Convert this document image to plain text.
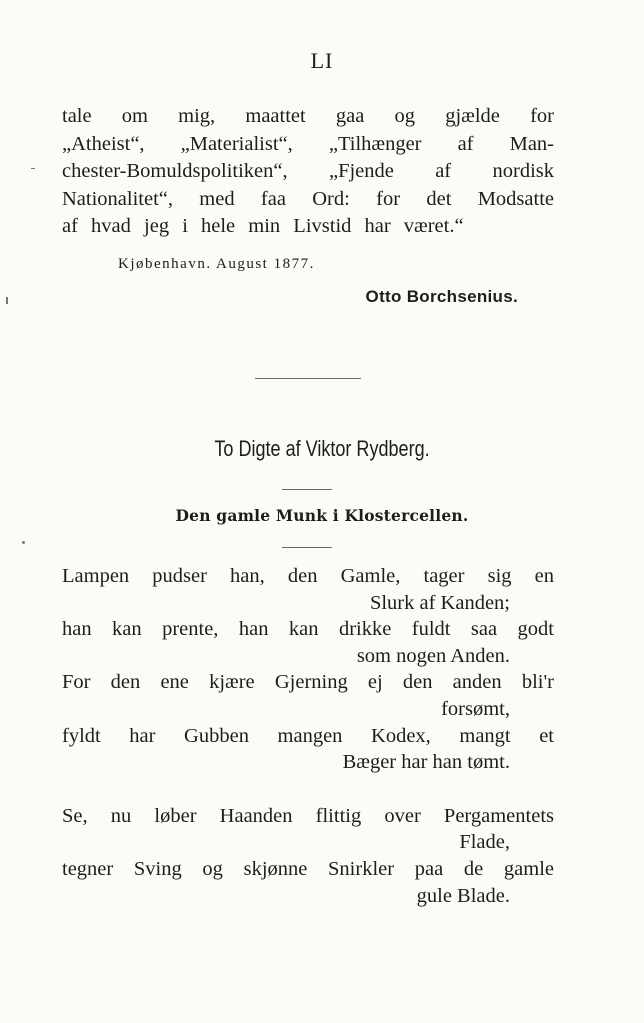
LI
tale om mig, maattet gaa og gjælde for
„Atheist“, „Materialist“, „Tilhænger af Man-
chester-Bomuldspolitiken“, „Fjende af nordisk
Nationalitet“, med faa Ord: for det Modsatte
af hvad jeg i hele min Livstid har været.“
Kjøbenhavn. August 1877.
Otto Borchsenius.
To Digte af Viktor Rydberg.
Den gamle Munk i Klostercellen.
Lampen pudser han, den Gamle, tager sig en
Slurk af Kanden;
han kan prente, han kan drikke fuldt saa godt
som nogen Anden.
For den ene kjære Gjerning ej den anden bli'r
forsømt,
fyldt har Gubben mangen Kodex, mangt et
Bæger har han tømt.
Se, nu løber Haanden flittig over Pergamentets
Flade,
tegner Sving og skjønne Snirkler paa de gamle
gule Blade.
